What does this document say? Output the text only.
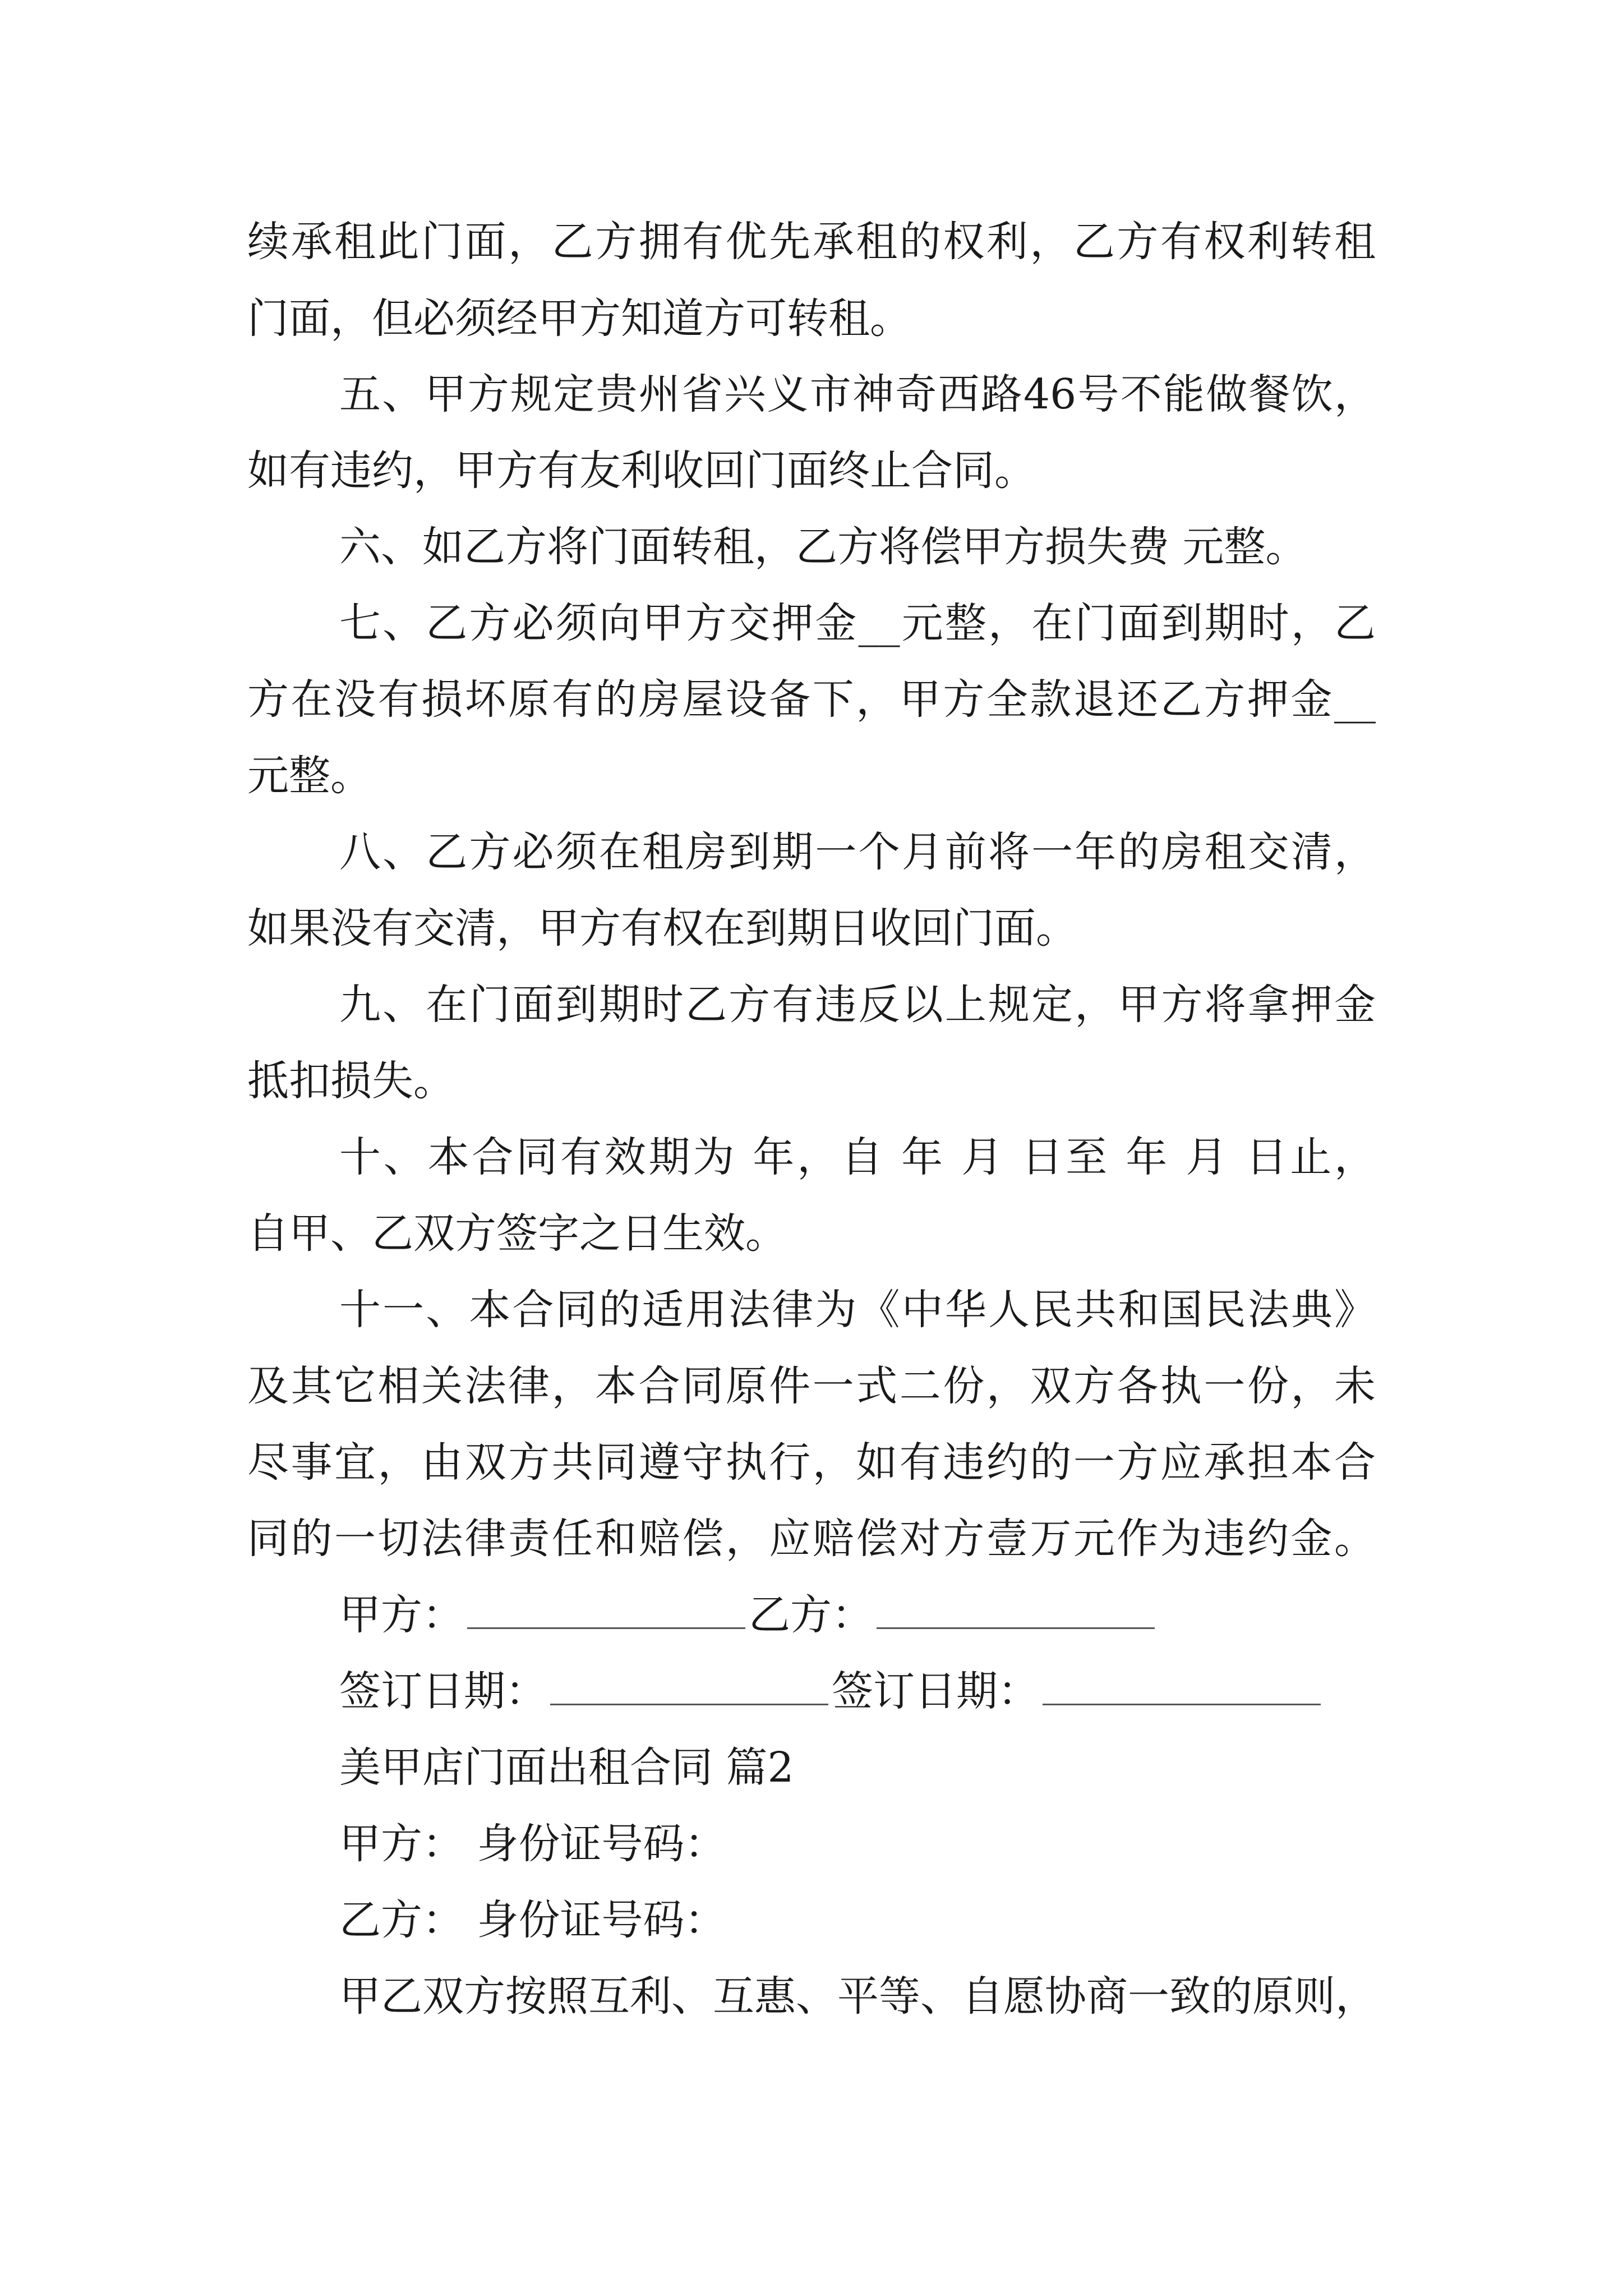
续承租此门面，乙方拥有优先承租的权利，乙方有权利转租
门面，但必须经甲方知道方可转租。
五、甲方规定贵州省兴义市神奇西路46号不能做餐饮，
如有违约，甲方有友利收回门面终止合同。
六、如乙方将门面转租，乙方将偿甲方损失费 元整。
七、乙方必须向甲方交押金__元整，在门面到期时，乙
方在没有损坏原有的房屋设备下，甲方全款退还乙方押金__
元整。
八、乙方必须在租房到期一个月前将一年的房租交清，
如果没有交清，甲方有权在到期日收回门面。
九、在门面到期时乙方有违反以上规定，甲方将拿押金
抵扣损失。
十、本合同有效期为 年，自 年 月 日至 年 月 日止，
自甲、乙双方签字之日生效。
十一、本合同的适用法律为《中华人民共和国民法典》
及其它相关法律，本合同原件一式二份，双方各执一份，未
尽事宜，由双方共同遵守执行，如有违约的一方应承担本合
同的一切法律责任和赔偿，应赔偿对方壹万元作为违约金。
甲方：	乙方：
签订日期：	签订日期：
美甲店门面出租合同 篇2
甲方： 身份证号码：
乙方： 身份证号码：
甲乙双方按照互利、互惠、平等、自愿协商一致的原则，
